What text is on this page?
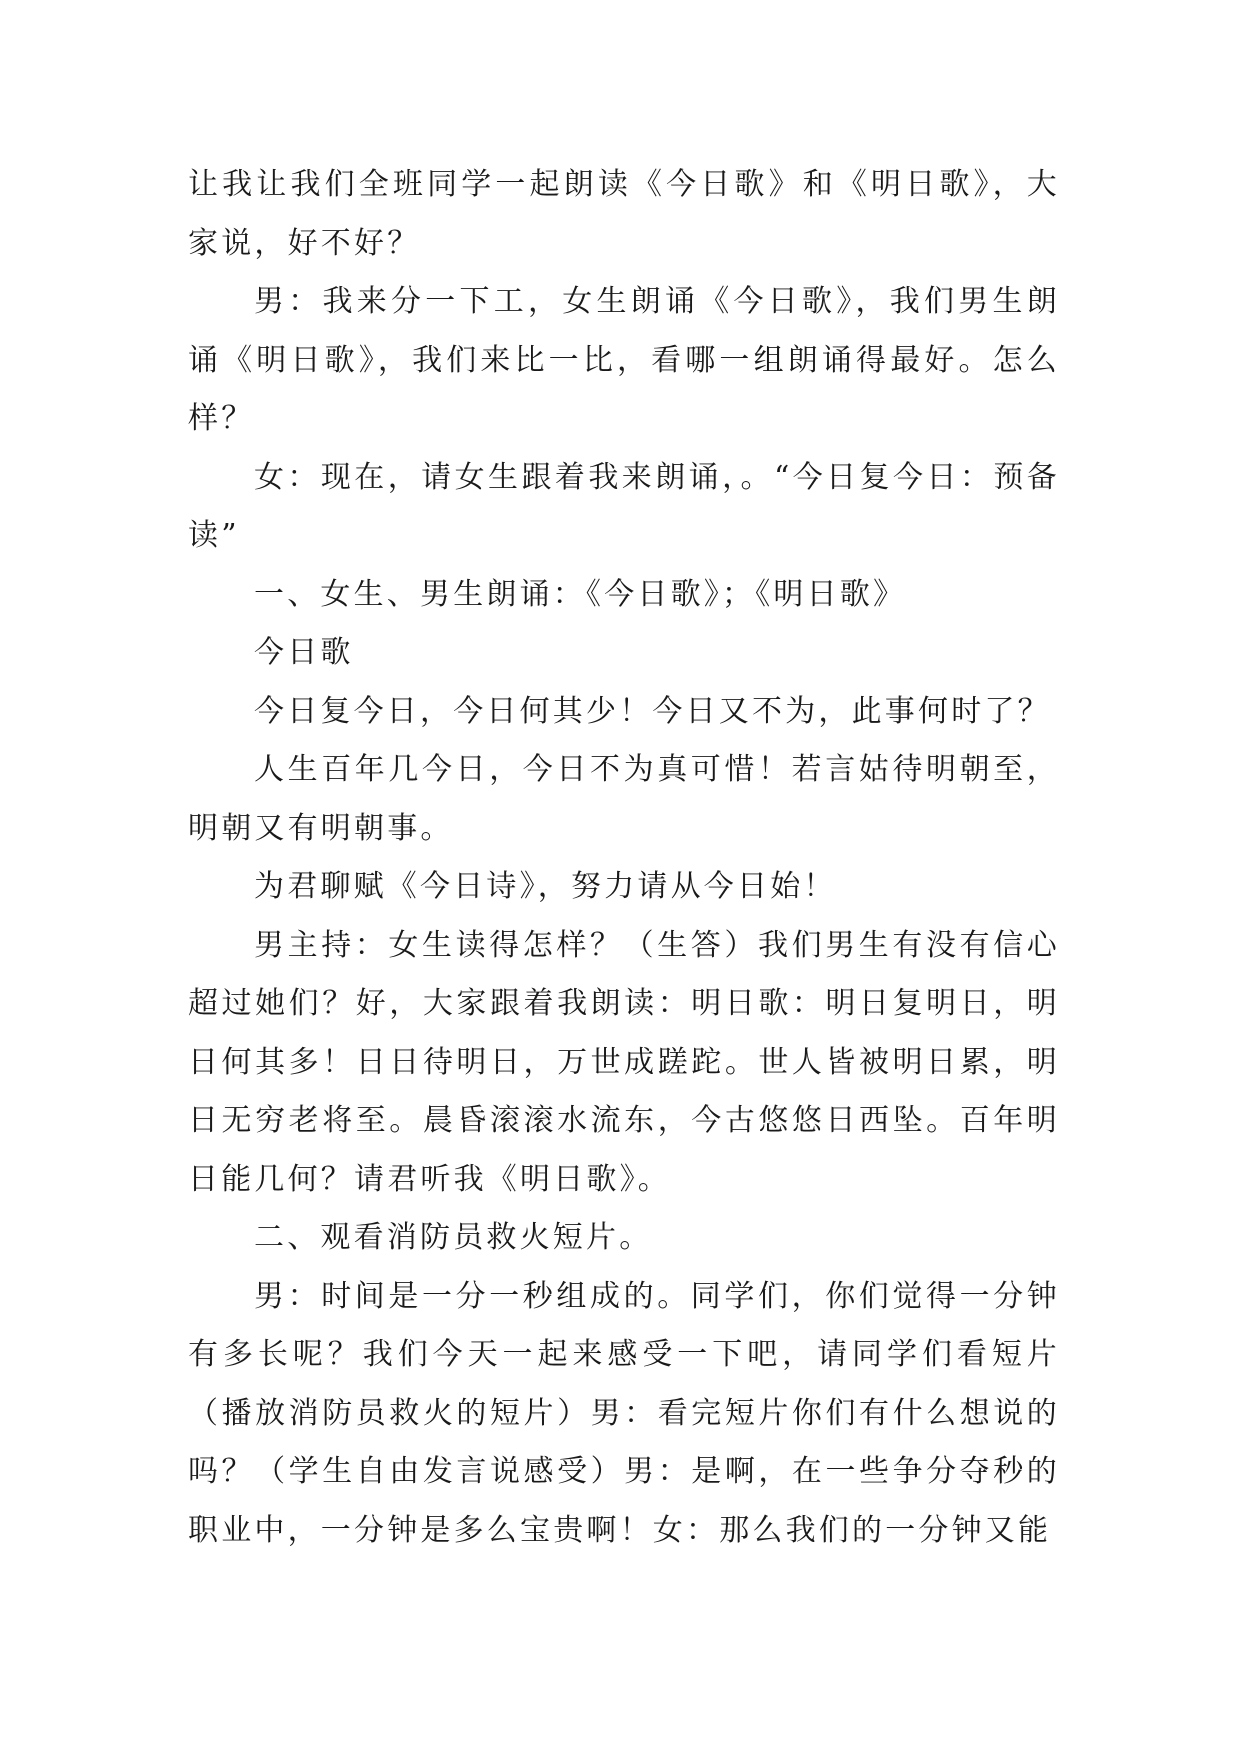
让我让我们全班同学一起朗读《今日歌》和《明日歌》，大家说，好不好？

男：我来分一下工，女生朗诵《今日歌》，我们男生朗诵《明日歌》，我们来比一比，看哪一组朗诵得最好。怎么样？

女：现在，请女生跟着我来朗诵，。“今日复今日：预备读”

一、女生、男生朗诵：《今日歌》；《明日歌》

今日歌

今日复今日，今日何其少！今日又不为，此事何时了？

人生百年几今日，今日不为真可惜！若言姑待明朝至，明朝又有明朝事。

为君聊赋《今日诗》，努力请从今日始！

男主持：女生读得怎样？（生答）我们男生有没有信心超过她们？好，大家跟着我朗读：明日歌：明日复明日，明日何其多！日日待明日，万世成蹉跎。世人皆被明日累，明日无穷老将至。晨昏滚滚水流东，今古悠悠日西坠。百年明日能几何？请君听我《明日歌》。

二、观看消防员救火短片。

男：时间是一分一秒组成的。同学们，你们觉得一分钟有多长呢？我们今天一起来感受一下吧，请同学们看短片（播放消防员救火的短片）男：看完短片你们有什么想说的吗？（学生自由发言说感受）男：是啊，在一些争分夺秒的职业中，一分钟是多么宝贵啊！女：那么我们的一分钟又能
